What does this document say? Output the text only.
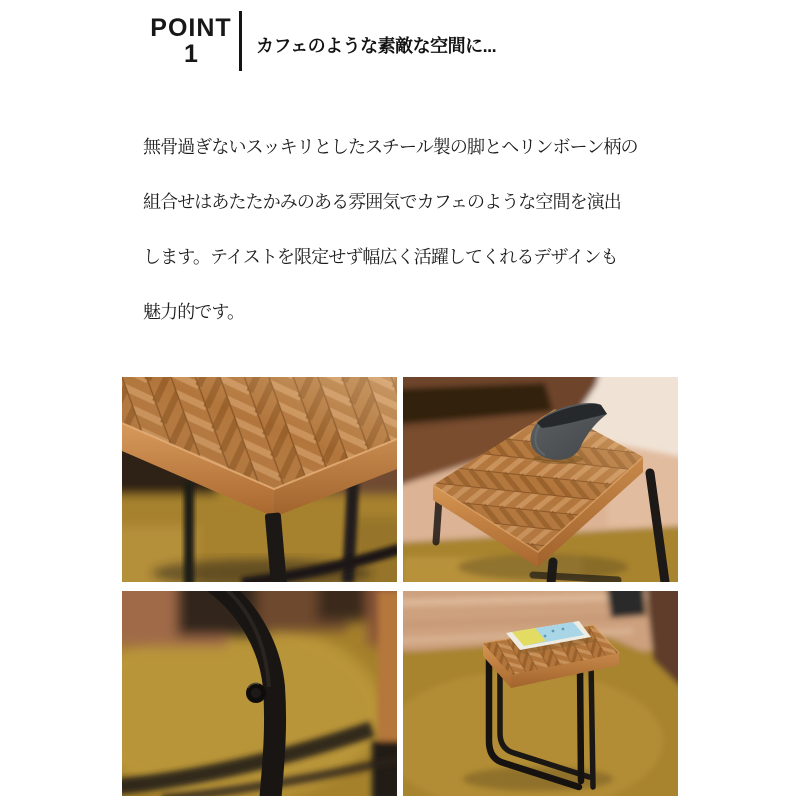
POINT
1	カフェのような素敵な空間に...

無骨過ぎないスッキリとしたスチール製の脚とヘリンボーン柄の

組合せはあたたかみのある雰囲気でカフェのような空間を演出

します。テイストを限定せず幅広く活躍してくれるデザインも

魅力的です。
